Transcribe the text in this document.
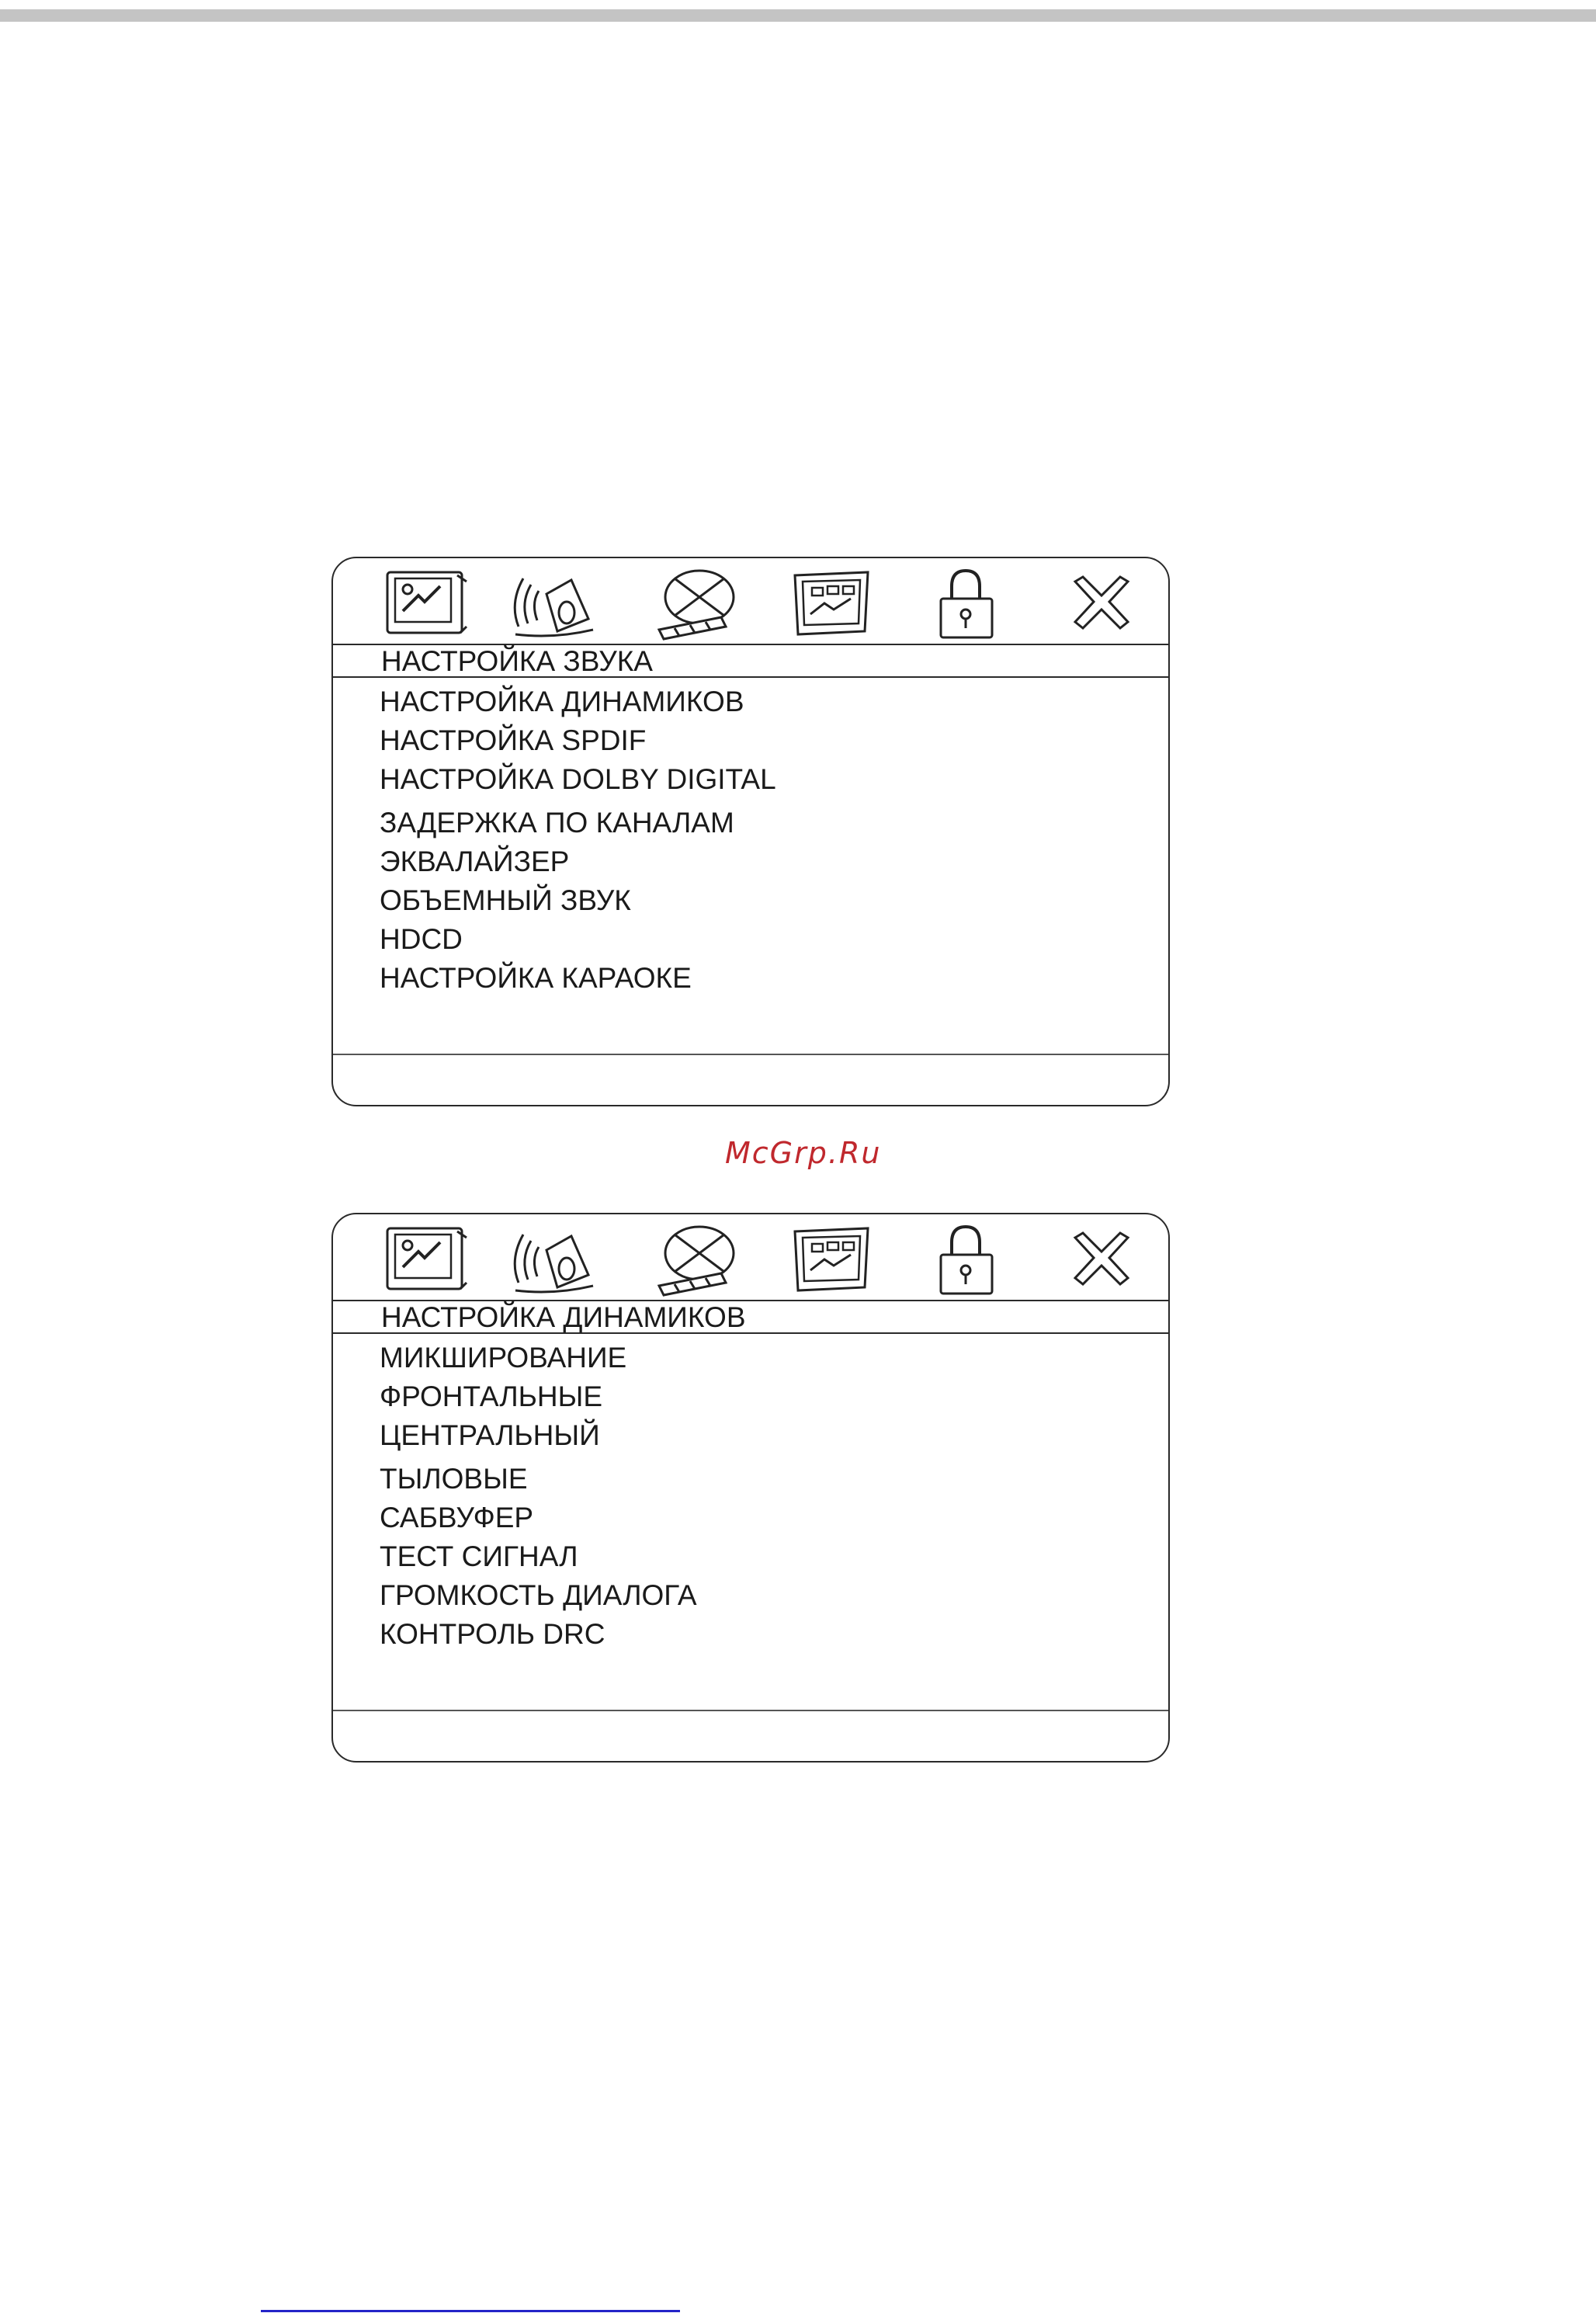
НАСТРОЙКА ЗВУКА
НАСТРОЙКА ДИНАМИКОВ
НАСТРОЙКА SPDIF
НАСТРОЙКА DOLBY DIGITAL
ЗАДЕРЖКА ПО КАНАЛАМ
ЭКВАЛАЙЗЕР
ОБЪЕМНЫЙ ЗВУК
HDCD
НАСТРОЙКА КАРАОКЕ
McGrp.Ru
НАСТРОЙКА ДИНАМИКОВ
МИКШИРОВАНИЕ
ФРОНТАЛЬНЫЕ
ЦЕНТРАЛЬНЫЙ
ТЫЛОВЫЕ
САБВУФЕР
ТЕСТ СИГНАЛ
ГРОМКОСТЬ ДИАЛОГА
КОНТРОЛЬ DRC
